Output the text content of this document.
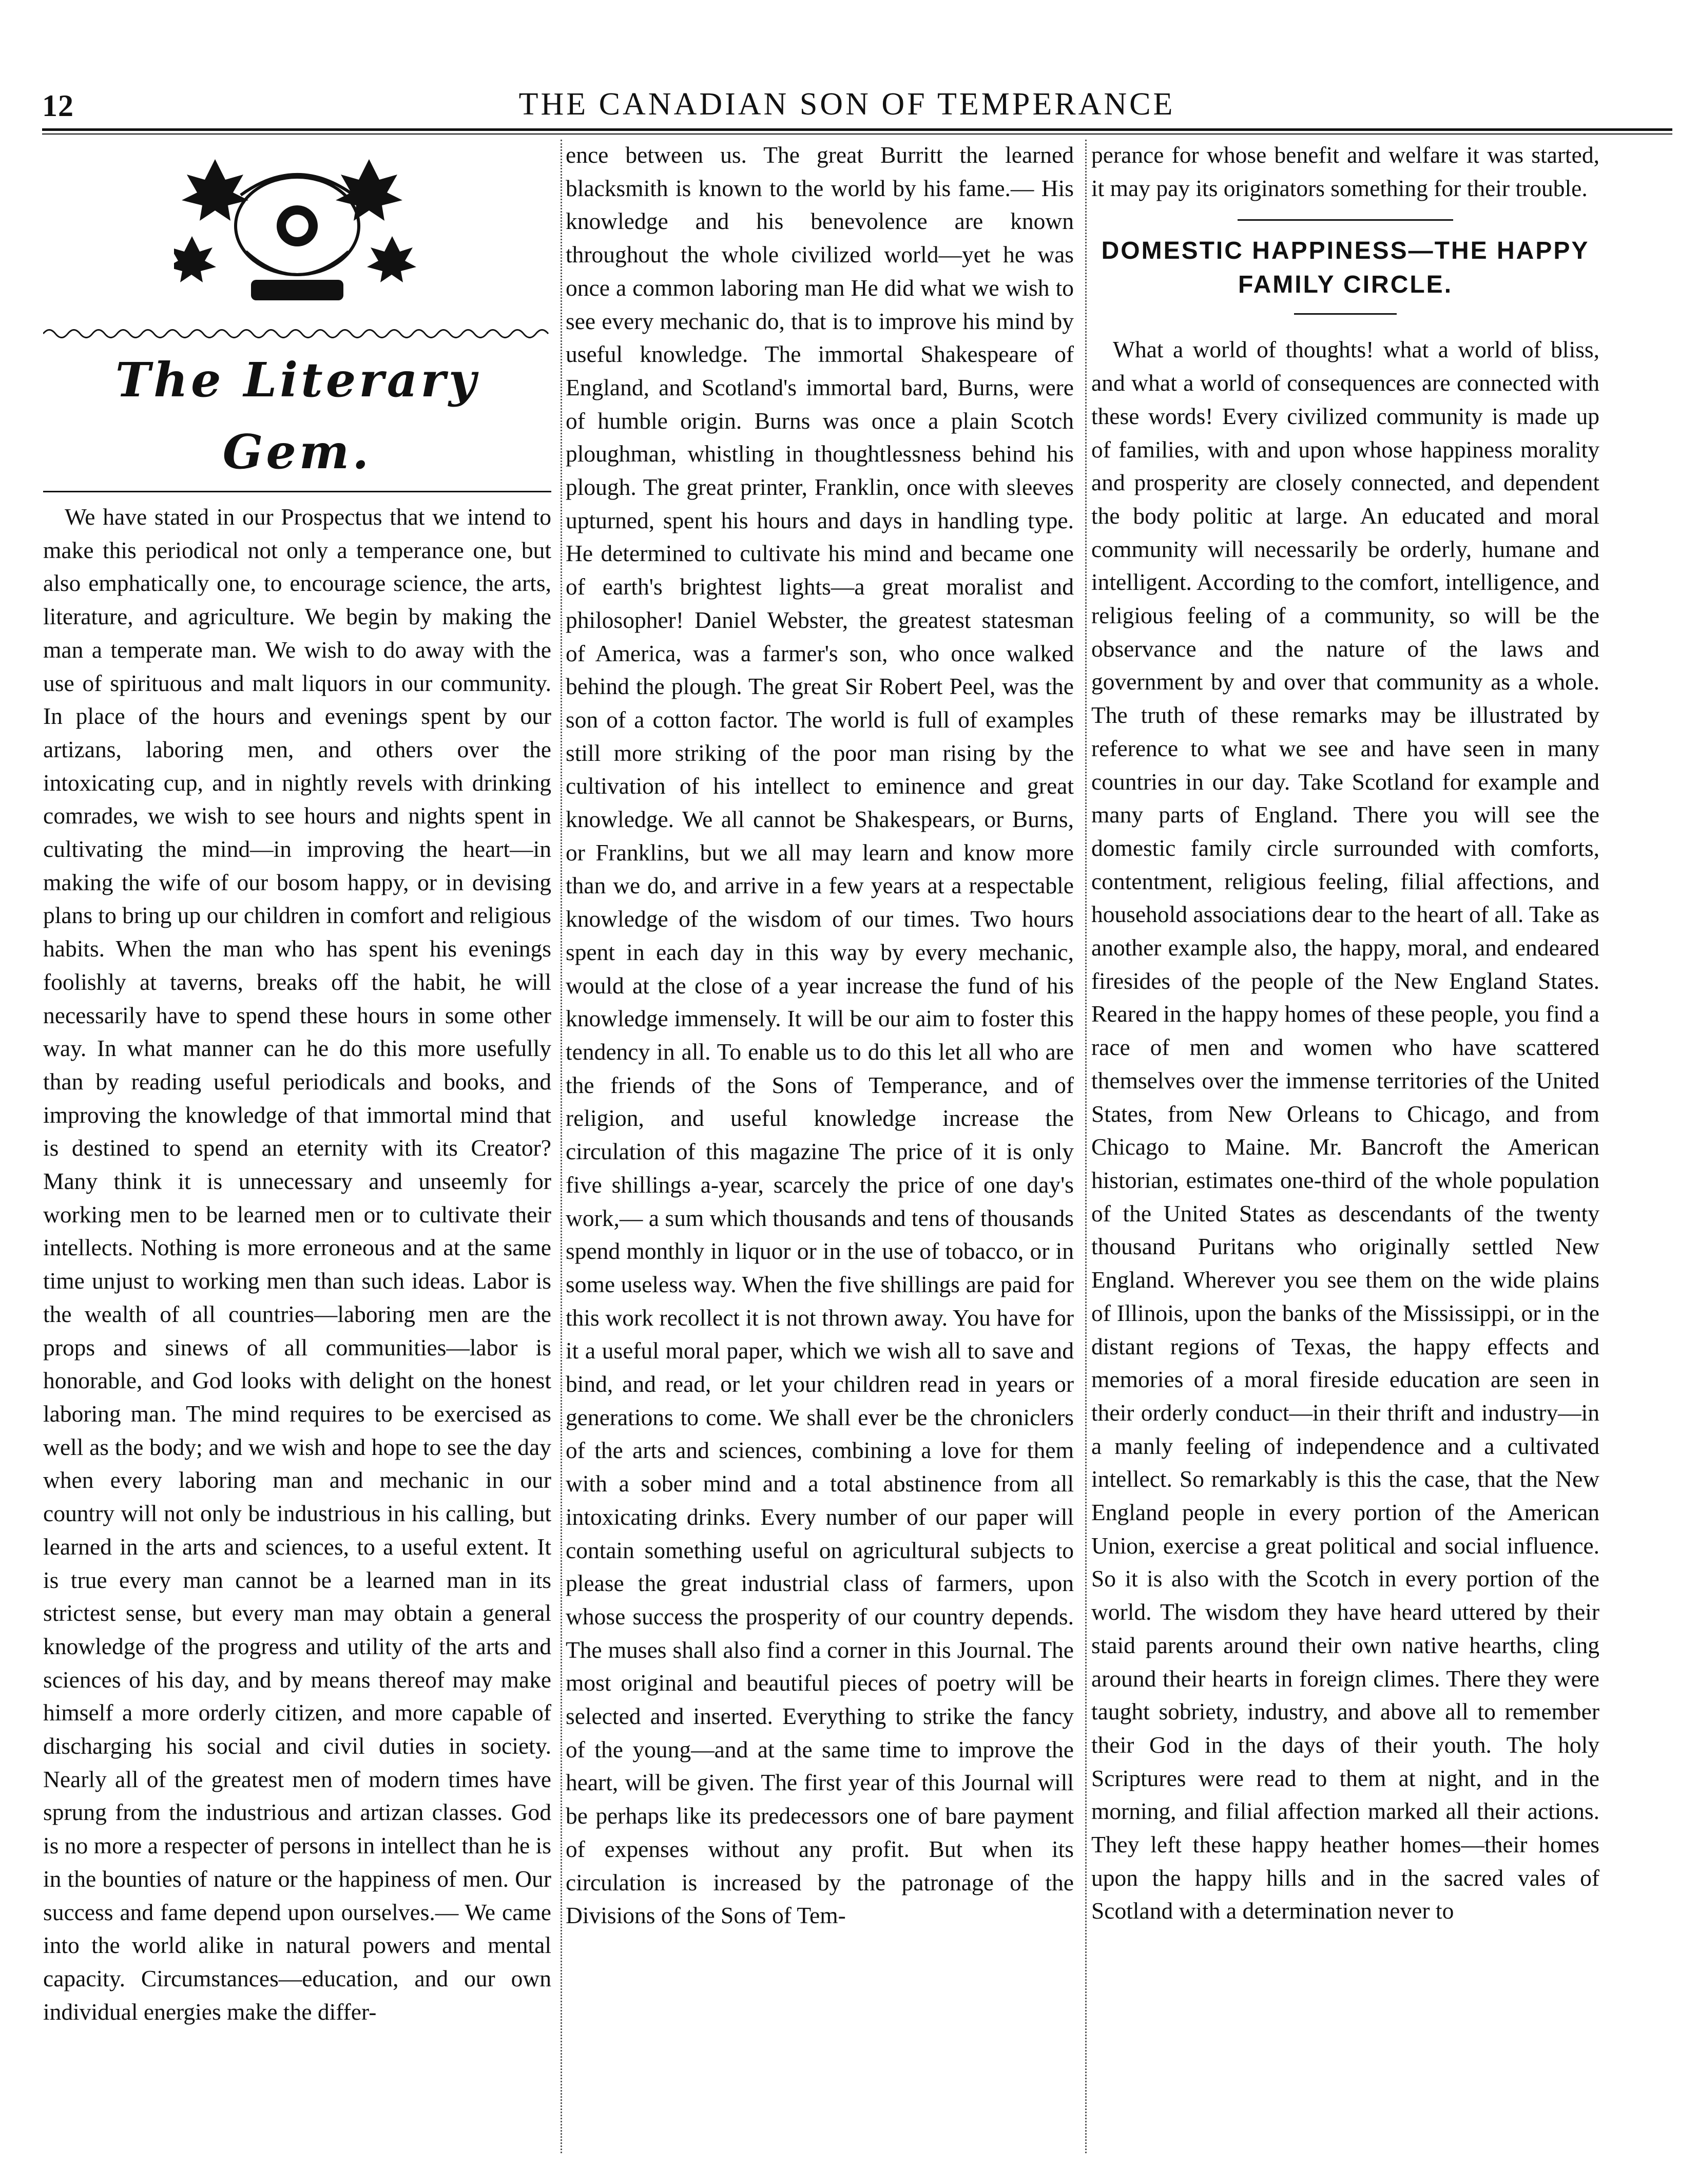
12	THE CANADIAN SON OF TEMPERANCE
The Literary Gem.

We have stated in our Prospectus that we intend to make this periodical not only a temperance one, but also emphatically one, to encourage science, the arts, literature, and agriculture. We begin by making the man a temperate man. We wish to do away with the use of spirituous and malt liquors in our community. In place of the hours and evenings spent by our artizans, laboring men, and others over the intoxicating cup, and in nightly revels with drinking comrades, we wish to see hours and nights spent in cultivating the mind—in improving the heart—in making the wife of our bosom happy, or in devising plans to bring up our children in comfort and religious habits. When the man who has spent his evenings foolishly at taverns, breaks off the habit, he will necessarily have to spend these hours in some other way. In what manner can he do this more usefully than by reading useful periodicals and books, and improving the knowledge of that immortal mind that is destined to spend an eternity with its Creator? Many think it is unnecessary and unseemly for working men to be learned men or to cultivate their intellects. Nothing is more erroneous and at the same time unjust to working men than such ideas. Labor is the wealth of all countries—laboring men are the props and sinews of all communities—labor is honorable, and God looks with delight on the honest laboring man. The mind requires to be exercised as well as the body; and we wish and hope to see the day when every laboring man and mechanic in our country will not only be industrious in his calling, but learned in the arts and sciences, to a useful extent. It is true every man cannot be a learned man in its strictest sense, but every man may obtain a general knowledge of the progress and utility of the arts and sciences of his day, and by means thereof may make himself a more orderly citizen, and more capable of discharging his social and civil duties in society. Nearly all of the greatest men of modern times have sprung from the industrious and artizan classes. God is no more a respecter of persons in intellect than he is in the bounties of nature or the happiness of men. Our success and fame depend upon ourselves.— We came into the world alike in natural powers and mental capacity. Circumstances—education, and our own individual energies make the differ-

ence between us. The great Burritt the learned blacksmith is known to the world by his fame.— His knowledge and his benevolence are known throughout the whole civilized world—yet he was once a common laboring man He did what we wish to see every mechanic do, that is to improve his mind by useful knowledge. The immortal Shakespeare of England, and Scotland's immortal bard, Burns, were of humble origin. Burns was once a plain Scotch ploughman, whistling in thoughtlessness behind his plough. The great printer, Franklin, once with sleeves upturned, spent his hours and days in handling type. He determined to cultivate his mind and became one of earth's brightest lights—a great moralist and philosopher! Daniel Webster, the greatest statesman of America, was a farmer's son, who once walked behind the plough. The great Sir Robert Peel, was the son of a cotton factor. The world is full of examples still more striking of the poor man rising by the cultivation of his intellect to eminence and great knowledge. We all cannot be Shakespears, or Burns, or Franklins, but we all may learn and know more than we do, and arrive in a few years at a respectable knowledge of the wisdom of our times. Two hours spent in each day in this way by every mechanic, would at the close of a year increase the fund of his knowledge immensely. It will be our aim to foster this tendency in all. To enable us to do this let all who are the friends of the Sons of Temperance, and of religion, and useful knowledge increase the circulation of this magazine The price of it is only five shillings a-year, scarcely the price of one day's work,— a sum which thousands and tens of thousands spend monthly in liquor or in the use of tobacco, or in some useless way. When the five shillings are paid for this work recollect it is not thrown away. You have for it a useful moral paper, which we wish all to save and bind, and read, or let your children read in years or generations to come. We shall ever be the chroniclers of the arts and sciences, combining a love for them with a sober mind and a total abstinence from all intoxicating drinks. Every number of our paper will contain something useful on agricultural subjects to please the great industrial class of farmers, upon whose success the prosperity of our country depends. The muses shall also find a corner in this Journal. The most original and beautiful pieces of poetry will be selected and inserted. Everything to strike the fancy of the young—and at the same time to improve the heart, will be given. The first year of this Journal will be perhaps like its predecessors one of bare payment of expenses without any profit. But when its circulation is increased by the patronage of the Divisions of the Sons of Tem-

perance for whose benefit and welfare it was started, it may pay its originators something for their trouble.

DOMESTIC HAPPINESS—THE HAPPY FAMILY CIRCLE.

What a world of thoughts! what a world of bliss, and what a world of consequences are connected with these words! Every civilized community is made up of families, with and upon whose happiness morality and prosperity are closely connected, and dependent the body politic at large. An educated and moral community will necessarily be orderly, humane and intelligent. According to the comfort, intelligence, and religious feeling of a community, so will be the observance and the nature of the laws and government by and over that community as a whole. The truth of these remarks may be illustrated by reference to what we see and have seen in many countries in our day. Take Scotland for example and many parts of England. There you will see the domestic family circle surrounded with comforts, contentment, religious feeling, filial affections, and household associations dear to the heart of all. Take as another example also, the happy, moral, and endeared firesides of the people of the New England States. Reared in the happy homes of these people, you find a race of men and women who have scattered themselves over the immense territories of the United States, from New Orleans to Chicago, and from Chicago to Maine. Mr. Bancroft the American historian, estimates one-third of the whole population of the United States as descendants of the twenty thousand Puritans who originally settled New England. Wherever you see them on the wide plains of Illinois, upon the banks of the Mississippi, or in the distant regions of Texas, the happy effects and memories of a moral fireside education are seen in their orderly conduct—in their thrift and industry—in a manly feeling of independence and a cultivated intellect. So remarkably is this the case, that the New England people in every portion of the American Union, exercise a great political and social influence. So it is also with the Scotch in every portion of the world. The wisdom they have heard uttered by their staid parents around their own native hearths, cling around their hearts in foreign climes. There they were taught sobriety, industry, and above all to remember their God in the days of their youth. The holy Scriptures were read to them at night, and in the morning, and filial affection marked all their actions. They left these happy heather homes—their homes upon the happy hills and in the sacred vales of Scotland with a determination never to
